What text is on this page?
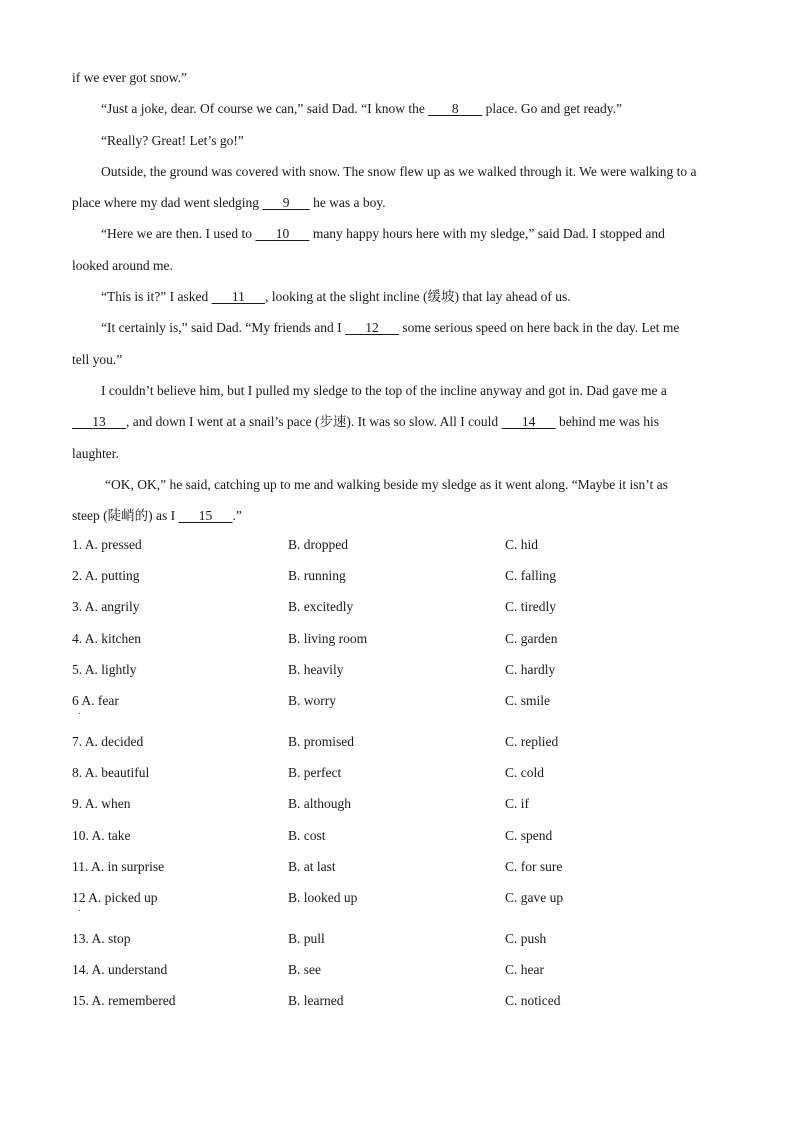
if we ever got snow.”
“Just a joke, dear. Of course we can,” said Dad. “I know the        8        place. Go and get ready.”
“Really? Great! Let’s go!”
Outside, the ground was covered with snow. The snow flew up as we walked through it. We were walking to a
place where my dad went sledging       9       he was a boy.
“Here we are then. I used to       10       many happy hours here with my sledge,” said Dad. I stopped and
looked around me.
“This is it?” I asked       11      , looking at the slight incline (缓坡) that lay ahead of us.
“It certainly is,” said Dad. “My friends and I       12       some serious speed on here back in the day. Let me
tell you.”
I couldn’t believe him, but I pulled my sledge to the top of the incline anyway and got in. Dad gave me a
13      , and down I went at a snail’s pace (步速). It was so slow. All I could       14       behind me was his
laughter.
“OK, OK,” he said, catching up to me and walking beside my sledge as it went along. “Maybe it isn’t as
steep (陡峭的) as I       15      .”
1. A. pressed	B. dropped	C. hid
2. A. putting	B. running	C. falling
3. A. angrily	B. excitedly	C. tiredly
4. A. kitchen	B. living room	C. garden
5. A. lightly	B. heavily	C. hardly
6 A. fear	B. worry	C. smile
.
7. A. decided	B. promised	C. replied
8. A. beautiful	B. perfect	C. cold
9. A. when	B. although	C. if
10. A. take	B. cost	C. spend
11. A. in surprise	B. at last	C. for sure
12 A. picked up	B. looked up	C. gave up
.
13. A. stop	B. pull	C. push
14. A. understand	B. see	C. hear
15. A. remembered	B. learned	C. noticed
